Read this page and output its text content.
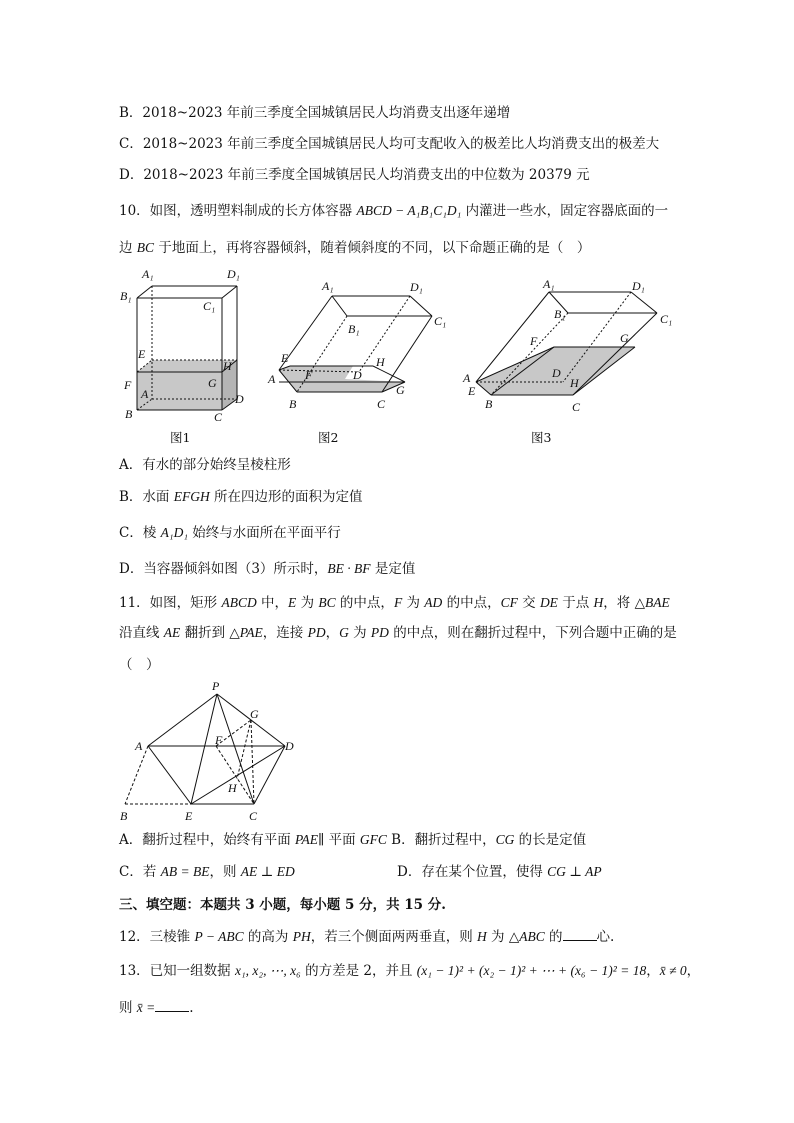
B．2018~2023 年前三季度全国城镇居民人均消费支出逐年递增
C．2018~2023 年前三季度全国城镇居民人均可支配收入的极差比人均消费支出的极差大
D．2018~2023 年前三季度全国城镇居民人均消费支出的中位数为 20379 元
10．如图，透明塑料制成的长方体容器 ABCD − A₁B₁C₁D₁ 内灌进一些水，固定容器底面的一
边 BC 于地面上，再将容器倾斜，随着倾斜度的不同，以下命题正确的是（　）
A₁	D₁
B₁
C₁
E
H
F	G
A	D
B	C
图1
A₁	D₁
B₁
C₁
E
F	D
H
A
G
B	C
图2
A₁	D₁
B₁	C₁
F	G
A	D
H
E
B	C
图3
A．有水的部分始终呈棱柱形
B．水面 EFGH 所在四边形的面积为定值
C．棱 A₁D₁ 始终与水面所在平面平行
D．当容器倾斜如图（3）所示时，BE · BF 是定值
11．如图，矩形 ABCD 中，E 为 BC 的中点，F 为 AD 的中点，CF 交 DE 于点 H，将 △BAE
沿直线 AE 翻折到 △PAE，连接 PD，G 为 PD 的中点，则在翻折过程中，下列合题中正确的是
（　）
P
G
A	F	D
H
B	E	C
A．翻折过程中，始终有平面 PAE∥ 平面 GFC B．翻折过程中，CG 的长是定值
C．若 AB = BE，则 AE ⊥ ED	D．存在某个位置，使得 CG ⊥ AP
三、填空题：本题共 3 小题，每小题 5 分，共 15 分.
12．三棱锥 P − ABC 的高为 PH，若三个侧面两两垂直，则 H 为 △ABC 的	心.
13．已知一组数据 x₁, x₂, ⋯, x₆ 的方差是 2，并且 (x₁ − 1)² + (x₂ − 1)² + ⋯ + (x₆ − 1)² = 18，x̄ ≠ 0，
则 x̄ =	.
